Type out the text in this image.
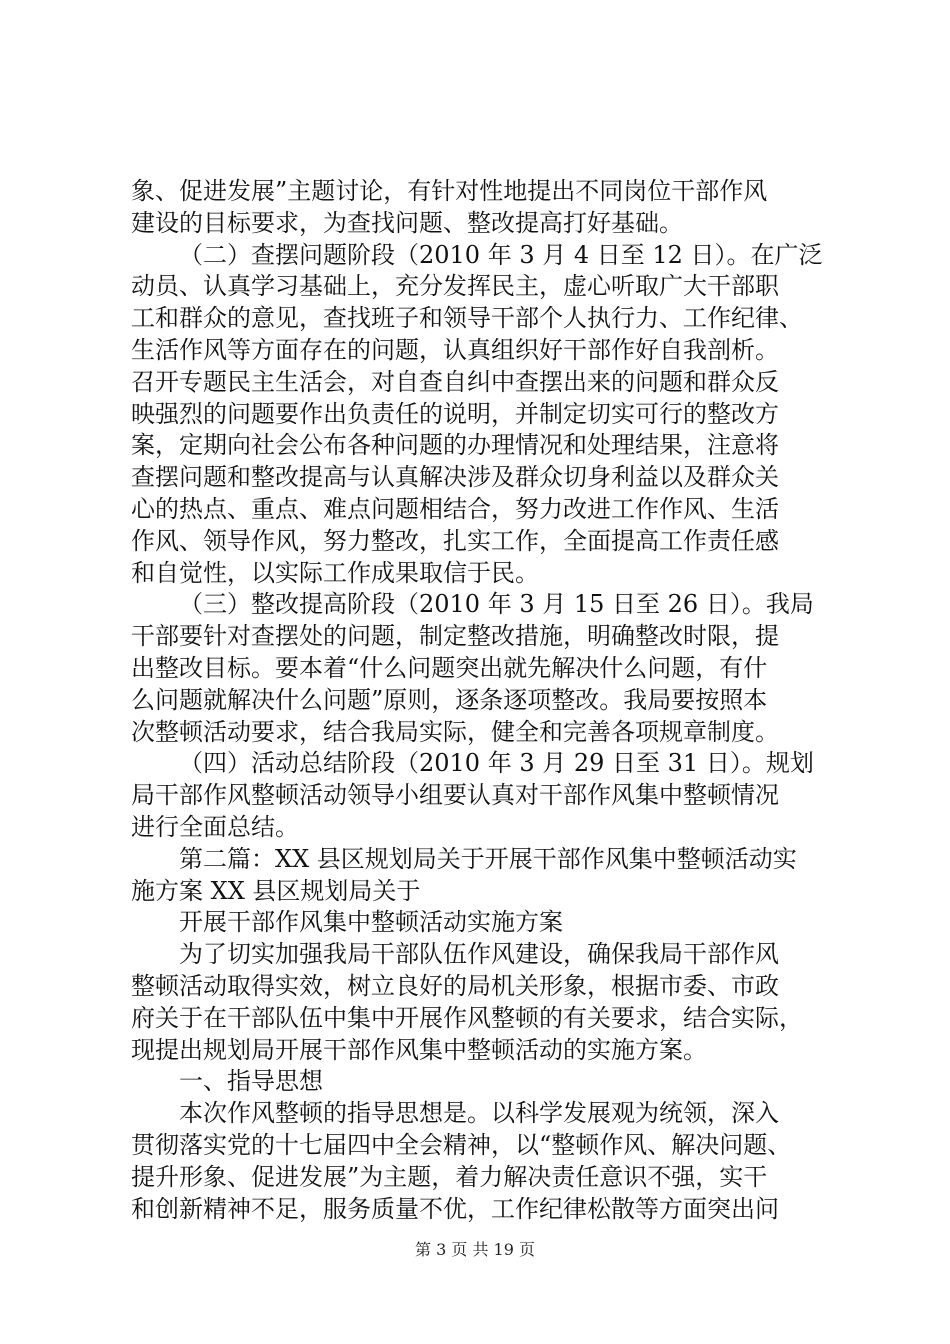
象、促进发展”主题讨论，有针对性地提出不同岗位干部作风
建设的目标要求，为查找问题、整改提高打好基础。
（二）查摆问题阶段（2010 年 3 月 4 日至 12 日）。在广泛
动员、认真学习基础上，充分发挥民主，虚心听取广大干部职
工和群众的意见，查找班子和领导干部个人执行力、工作纪律、
生活作风等方面存在的问题，认真组织好干部作好自我剖析。
召开专题民主生活会，对自查自纠中查摆出来的问题和群众反
映强烈的问题要作出负责任的说明，并制定切实可行的整改方
案，定期向社会公布各种问题的办理情况和处理结果，注意将
查摆问题和整改提高与认真解决涉及群众切身利益以及群众关
心的热点、重点、难点问题相结合，努力改进工作作风、生活
作风、领导作风，努力整改，扎实工作，全面提高工作责任感
和自觉性，以实际工作成果取信于民。
（三）整改提高阶段（2010 年 3 月 15 日至 26 日）。我局
干部要针对查摆处的问题，制定整改措施，明确整改时限，提
出整改目标。要本着“什么问题突出就先解决什么问题，有什
么问题就解决什么问题”原则，逐条逐项整改。我局要按照本
次整顿活动要求，结合我局实际，健全和完善各项规章制度。
（四）活动总结阶段（2010 年 3 月 29 日至 31 日）。规划
局干部作风整顿活动领导小组要认真对干部作风集中整顿情况
进行全面总结。
第二篇：XX 县区规划局关于开展干部作风集中整顿活动实
施方案 XX 县区规划局关于
开展干部作风集中整顿活动实施方案
为了切实加强我局干部队伍作风建设，确保我局干部作风
整顿活动取得实效，树立良好的局机关形象，根据市委、市政
府关于在干部队伍中集中开展作风整顿的有关要求，结合实际，
现提出规划局开展干部作风集中整顿活动的实施方案。
一、指导思想
本次作风整顿的指导思想是。以科学发展观为统领，深入
贯彻落实党的十七届四中全会精神，以“整顿作风、解决问题、
提升形象、促进发展”为主题，着力解决责任意识不强，实干
和创新精神不足，服务质量不优，工作纪律松散等方面突出问
第 3 页 共 19 页
